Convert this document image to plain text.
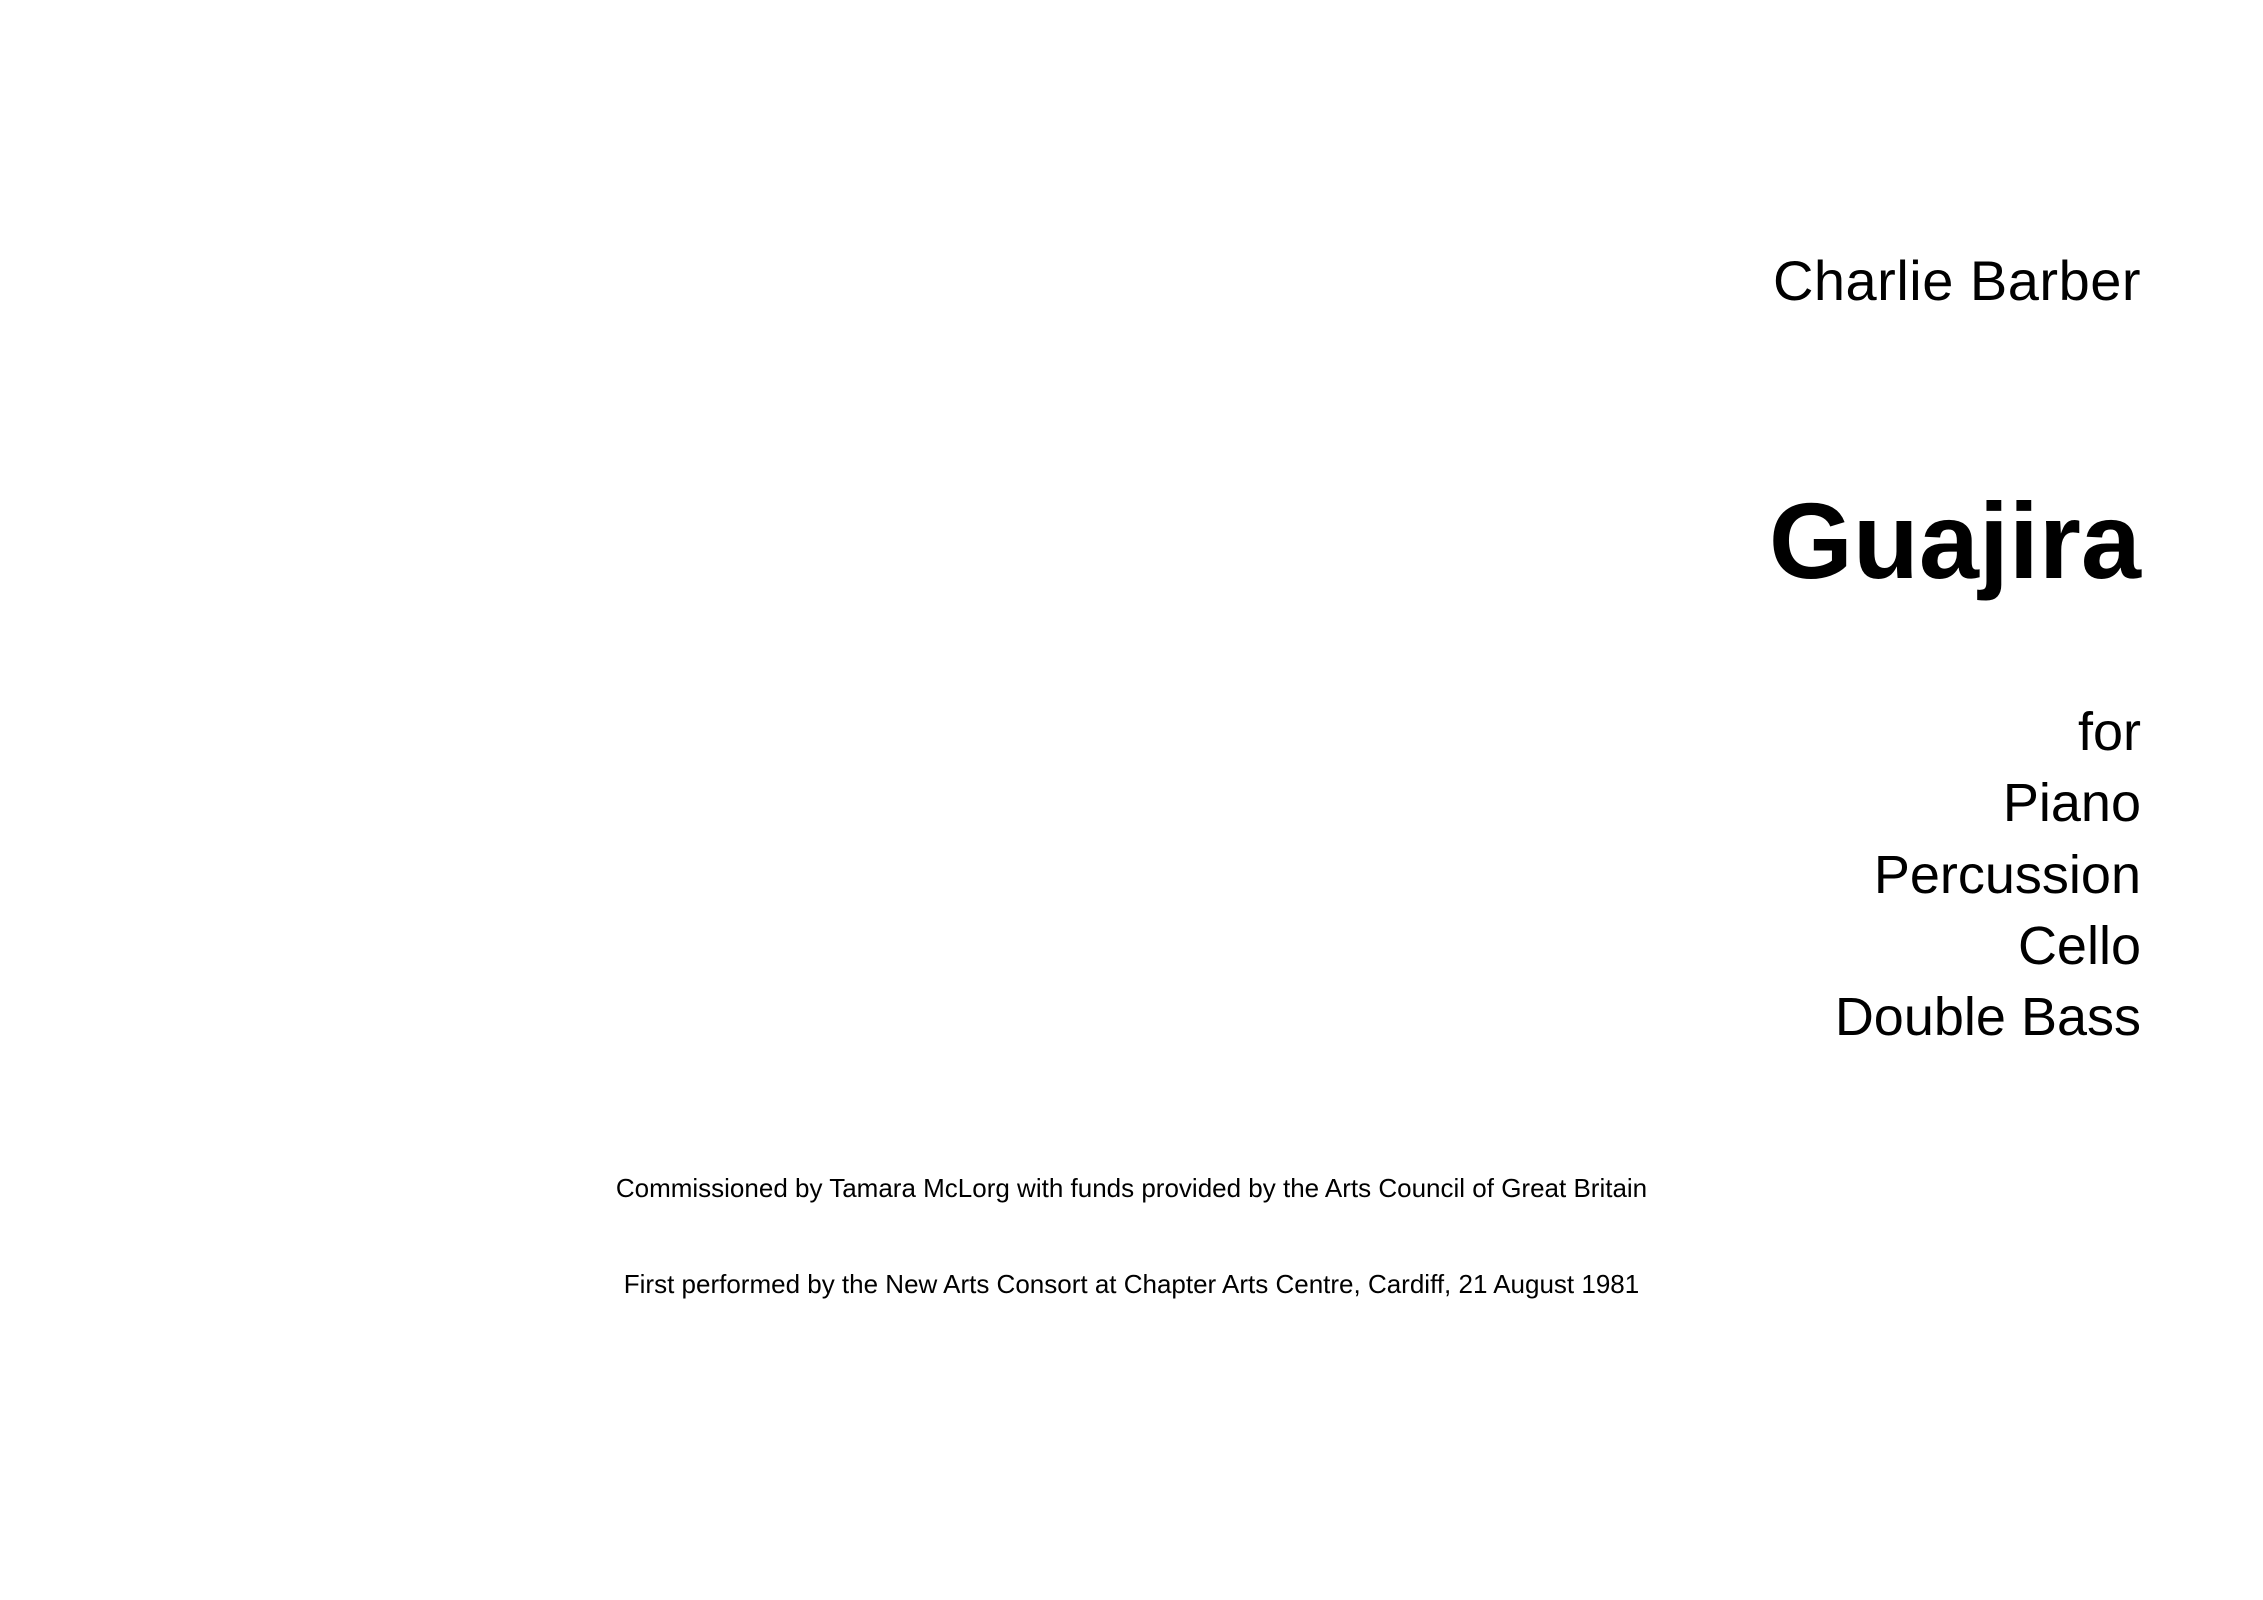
Charlie Barber
Guajira
for
Piano
Percussion
Cello
Double Bass
Commissioned by Tamara McLorg with funds provided by the Arts Council of Great Britain
First performed by the New Arts Consort at Chapter Arts Centre, Cardiff, 21 August 1981
